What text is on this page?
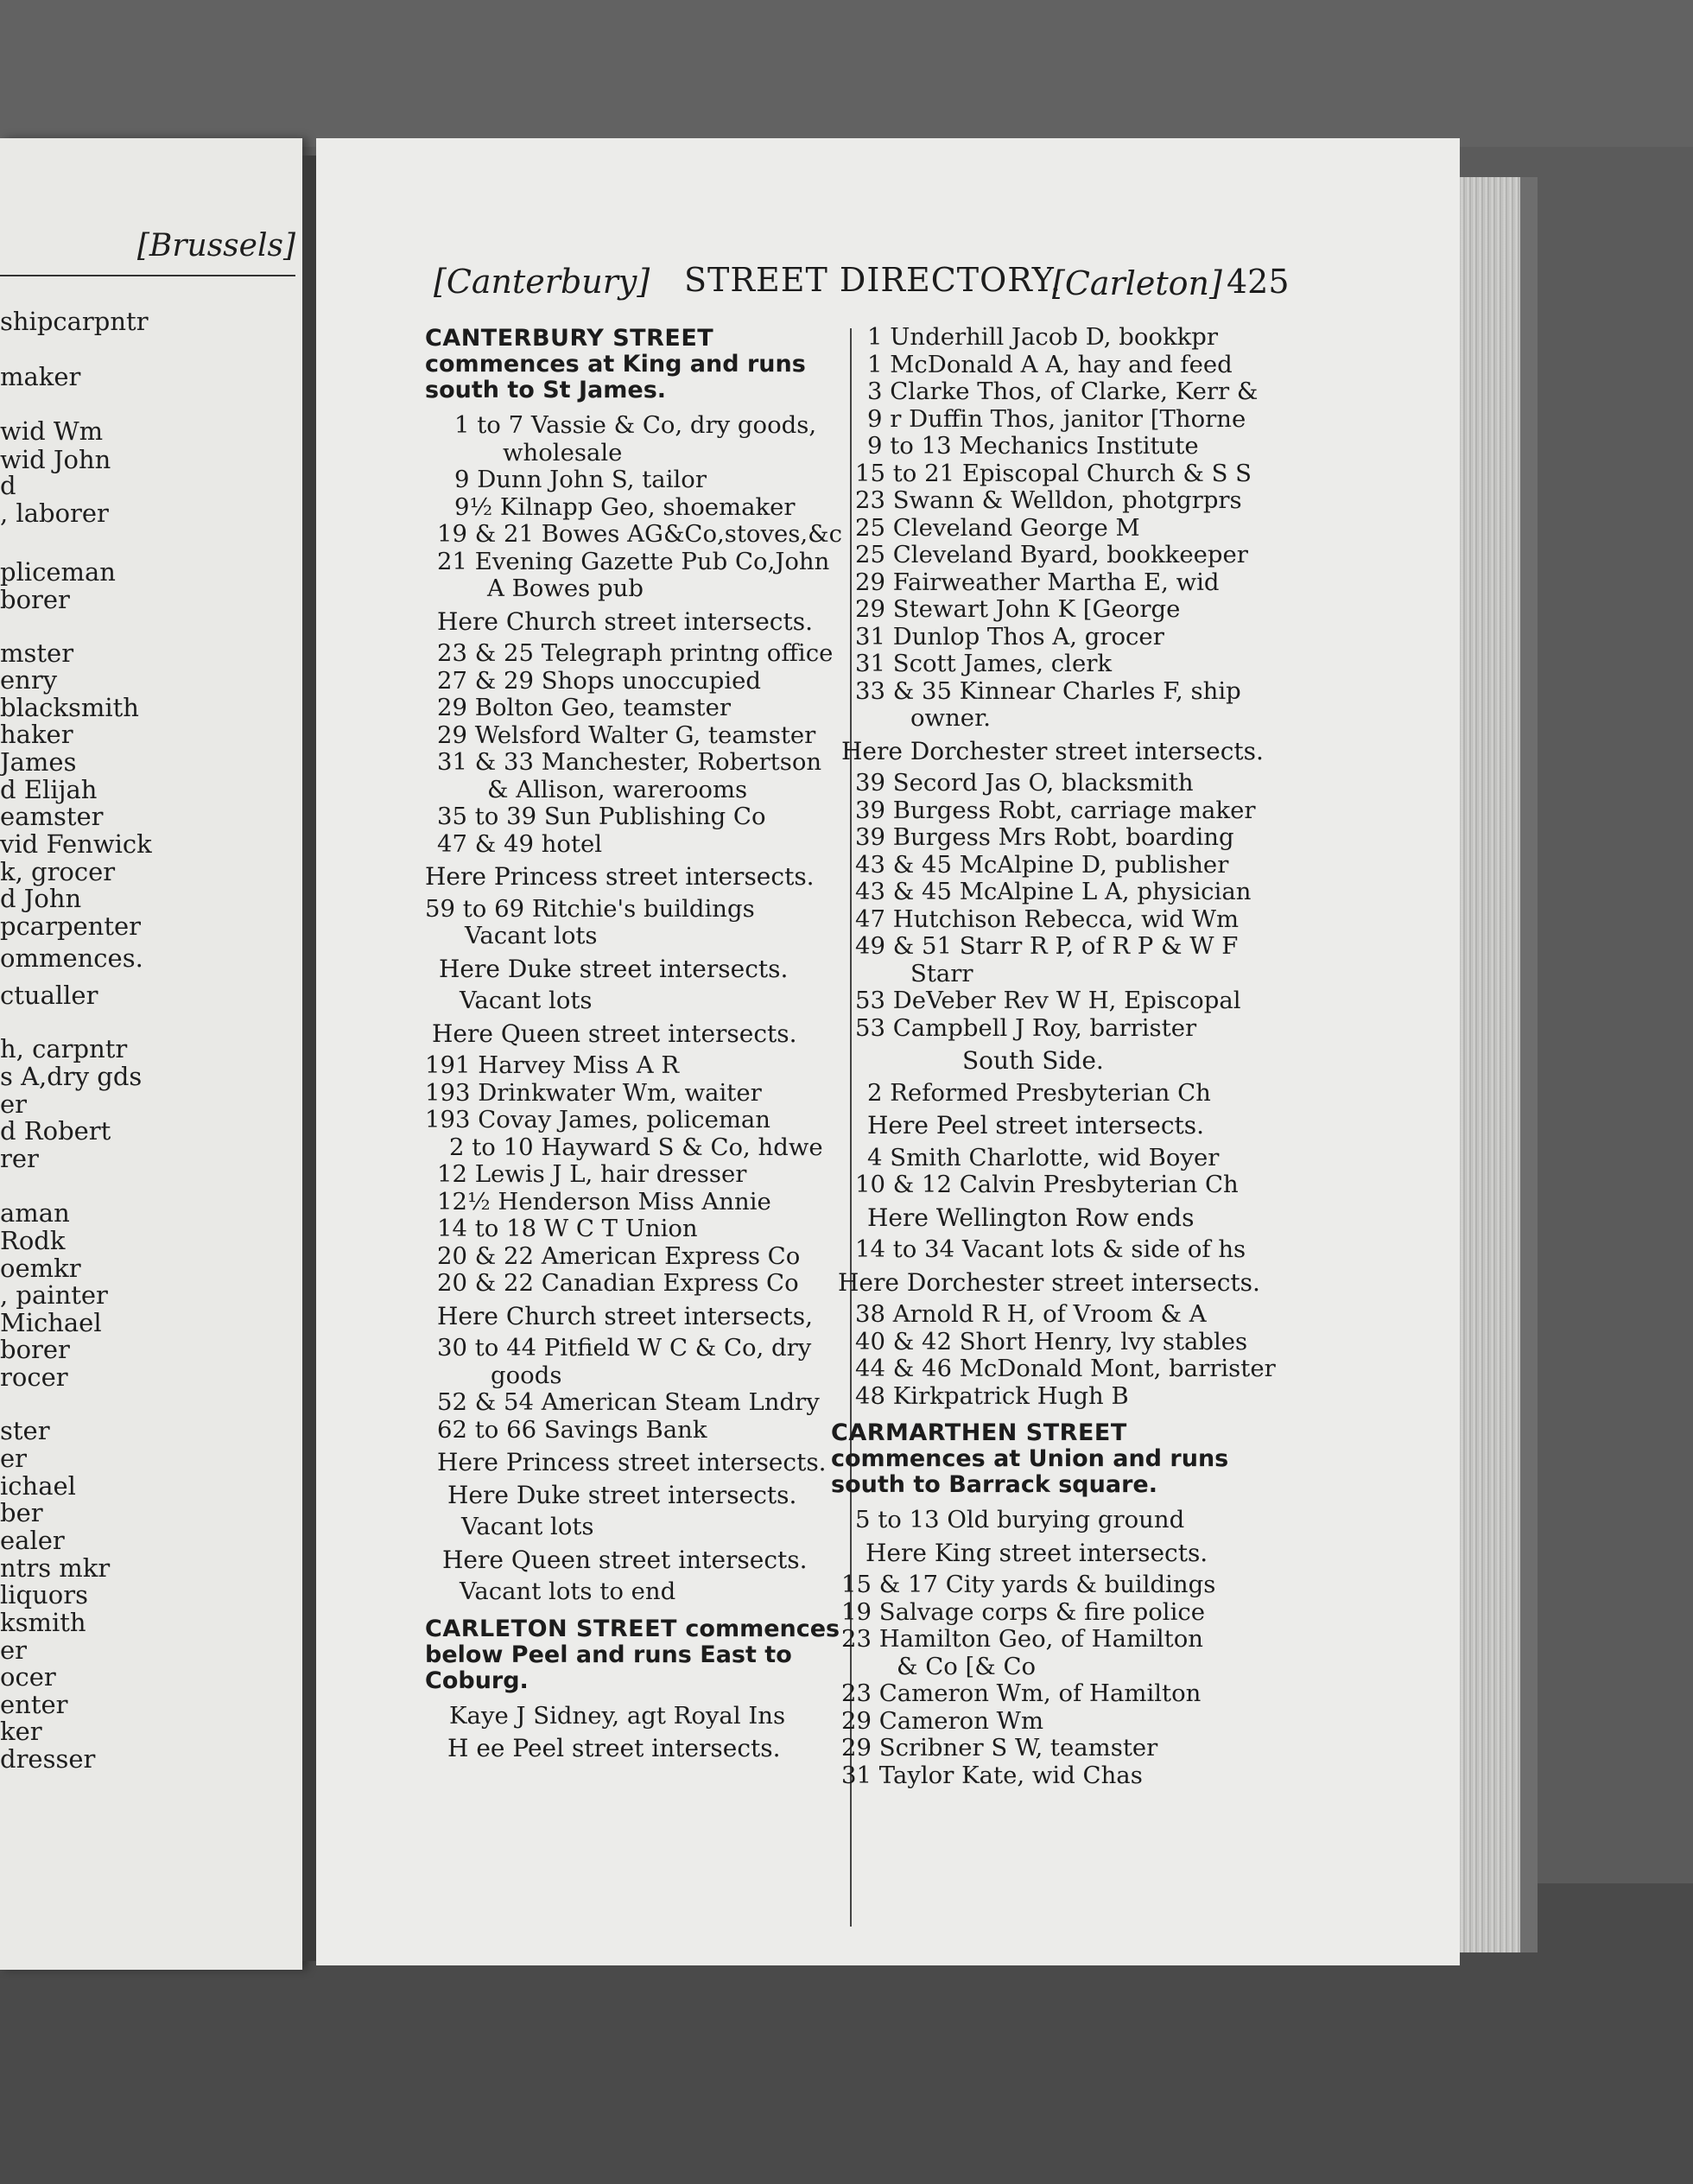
[Brussels]
shipcarpntr
maker
wid Wm
wid John
d
, laborer
pliceman
borer
mster
enry
blacksmith
haker
James
d Elijah
eamster
vid Fenwick
k, grocer
d John
pcarpenter
ommences.
ctualler
h, carpntr
s A,dry gds
er
d Robert
rer
aman
Rodk
oemkr
, painter
Michael
borer
rocer
ster
er
ichael
ber
ealer
ntrs mkr
liquors
ksmith
er
ocer
enter
ker
dresser
[Canterbury] STREET DIRECTORY.
[Carleton] 425
CANTERBURY STREET commences at King and runs south to St James.
1 to 7 Vassie & Co, dry goods,
wholesale
9 Dunn John S, tailor
9½ Kilnapp Geo, shoemaker
19 & 21 Bowes AG&Co,stoves,&c
21 Evening Gazette Pub Co,John
A Bowes pub
Here Church street intersects.
23 & 25 Telegraph printng office
27 & 29 Shops unoccupied
29 Bolton Geo, teamster
29 Welsford Walter G, teamster
31 & 33 Manchester, Robertson
& Allison, warerooms
35 to 39 Sun Publishing Co
47 & 49 hotel
Here Princess street intersects.
59 to 69 Ritchie's buildings
Vacant lots
Here Duke street intersects.
Vacant lots
Here Queen street intersects.
191 Harvey Miss A R
193 Drinkwater Wm, waiter
193 Covay James, policeman
2 to 10 Hayward S & Co, hdwe
12 Lewis J L, hair dresser
12½ Henderson Miss Annie
14 to 18 W C T Union
20 & 22 American Express Co
20 & 22 Canadian Express Co
Here Church street intersects,
30 to 44 Pitfield W C & Co, dry
goods
52 & 54 American Steam Lndry
62 to 66 Savings Bank
Here Princess street intersects.
Here Duke street intersects.
Vacant lots
Here Queen street intersects.
Vacant lots to end
CARLETON STREET commences below Peel and runs East to Coburg.
Kaye J Sidney, agt Royal Ins
H ee Peel street intersects.
1 Underhill Jacob D, bookkpr
1 McDonald A A, hay and feed
3 Clarke Thos, of Clarke, Kerr &
9 r Duffin Thos, janitor [Thorne
9 to 13 Mechanics Institute
15 to 21 Episcopal Church & S S
23 Swann & Welldon, photgrprs
25 Cleveland George M
25 Cleveland Byard, bookkeeper
29 Fairweather Martha E, wid
29 Stewart John K [George
31 Dunlop Thos A, grocer
31 Scott James, clerk
33 & 35 Kinnear Charles F, ship
owner.
Here Dorchester street intersects.
39 Secord Jas O, blacksmith
39 Burgess Robt, carriage maker
39 Burgess Mrs Robt, boarding
43 & 45 McAlpine D, publisher
43 & 45 McAlpine L A, physician
47 Hutchison Rebecca, wid Wm
49 & 51 Starr R P, of R P & W F
Starr
53 DeVeber Rev W H, Episcopal
53 Campbell J Roy, barrister
South Side.
2 Reformed Presbyterian Ch
Here Peel street intersects.
4 Smith Charlotte, wid Boyer
10 & 12 Calvin Presbyterian Ch
Here Wellington Row ends
14 to 34 Vacant lots & side of hs
Here Dorchester street intersects.
38 Arnold R H, of Vroom & A
40 & 42 Short Henry, lvy stables
44 & 46 McDonald Mont, barrister
48 Kirkpatrick Hugh B
CARMARTHEN STREET commences at Union and runs south to Barrack square.
5 to 13 Old burying ground
Here King street intersects.
15 & 17 City yards & buildings
19 Salvage corps & fire police
23 Hamilton Geo, of Hamilton
& Co [& Co
23 Cameron Wm, of Hamilton
29 Cameron Wm
29 Scribner S W, teamster
31 Taylor Kate, wid Chas
